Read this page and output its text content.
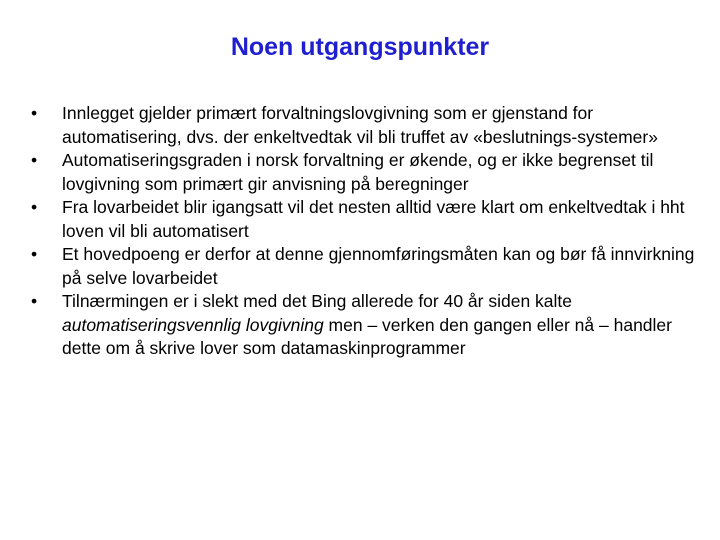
Noen utgangspunkter
•	Innlegget gjelder primært forvaltningslovgivning som er gjenstand for automatisering, dvs. der enkeltvedtak vil bli truffet av «beslutnings-systemer»
•	Automatiseringsgraden i norsk forvaltning er økende, og er ikke begrenset til lovgivning som primært gir anvisning på beregninger
•	Fra lovarbeidet blir igangsatt vil det nesten alltid være klart om enkeltvedtak i hht loven vil bli automatisert
•	Et hovedpoeng er derfor at denne gjennomføringsmåten kan og bør få innvirkning på selve lovarbeidet
•	Tilnærmingen er i slekt med det Bing allerede for 40 år siden kalte automatiseringsvennlig lovgivning men – verken den gangen eller nå – handler dette om å skrive lover som datamaskinprogrammer
